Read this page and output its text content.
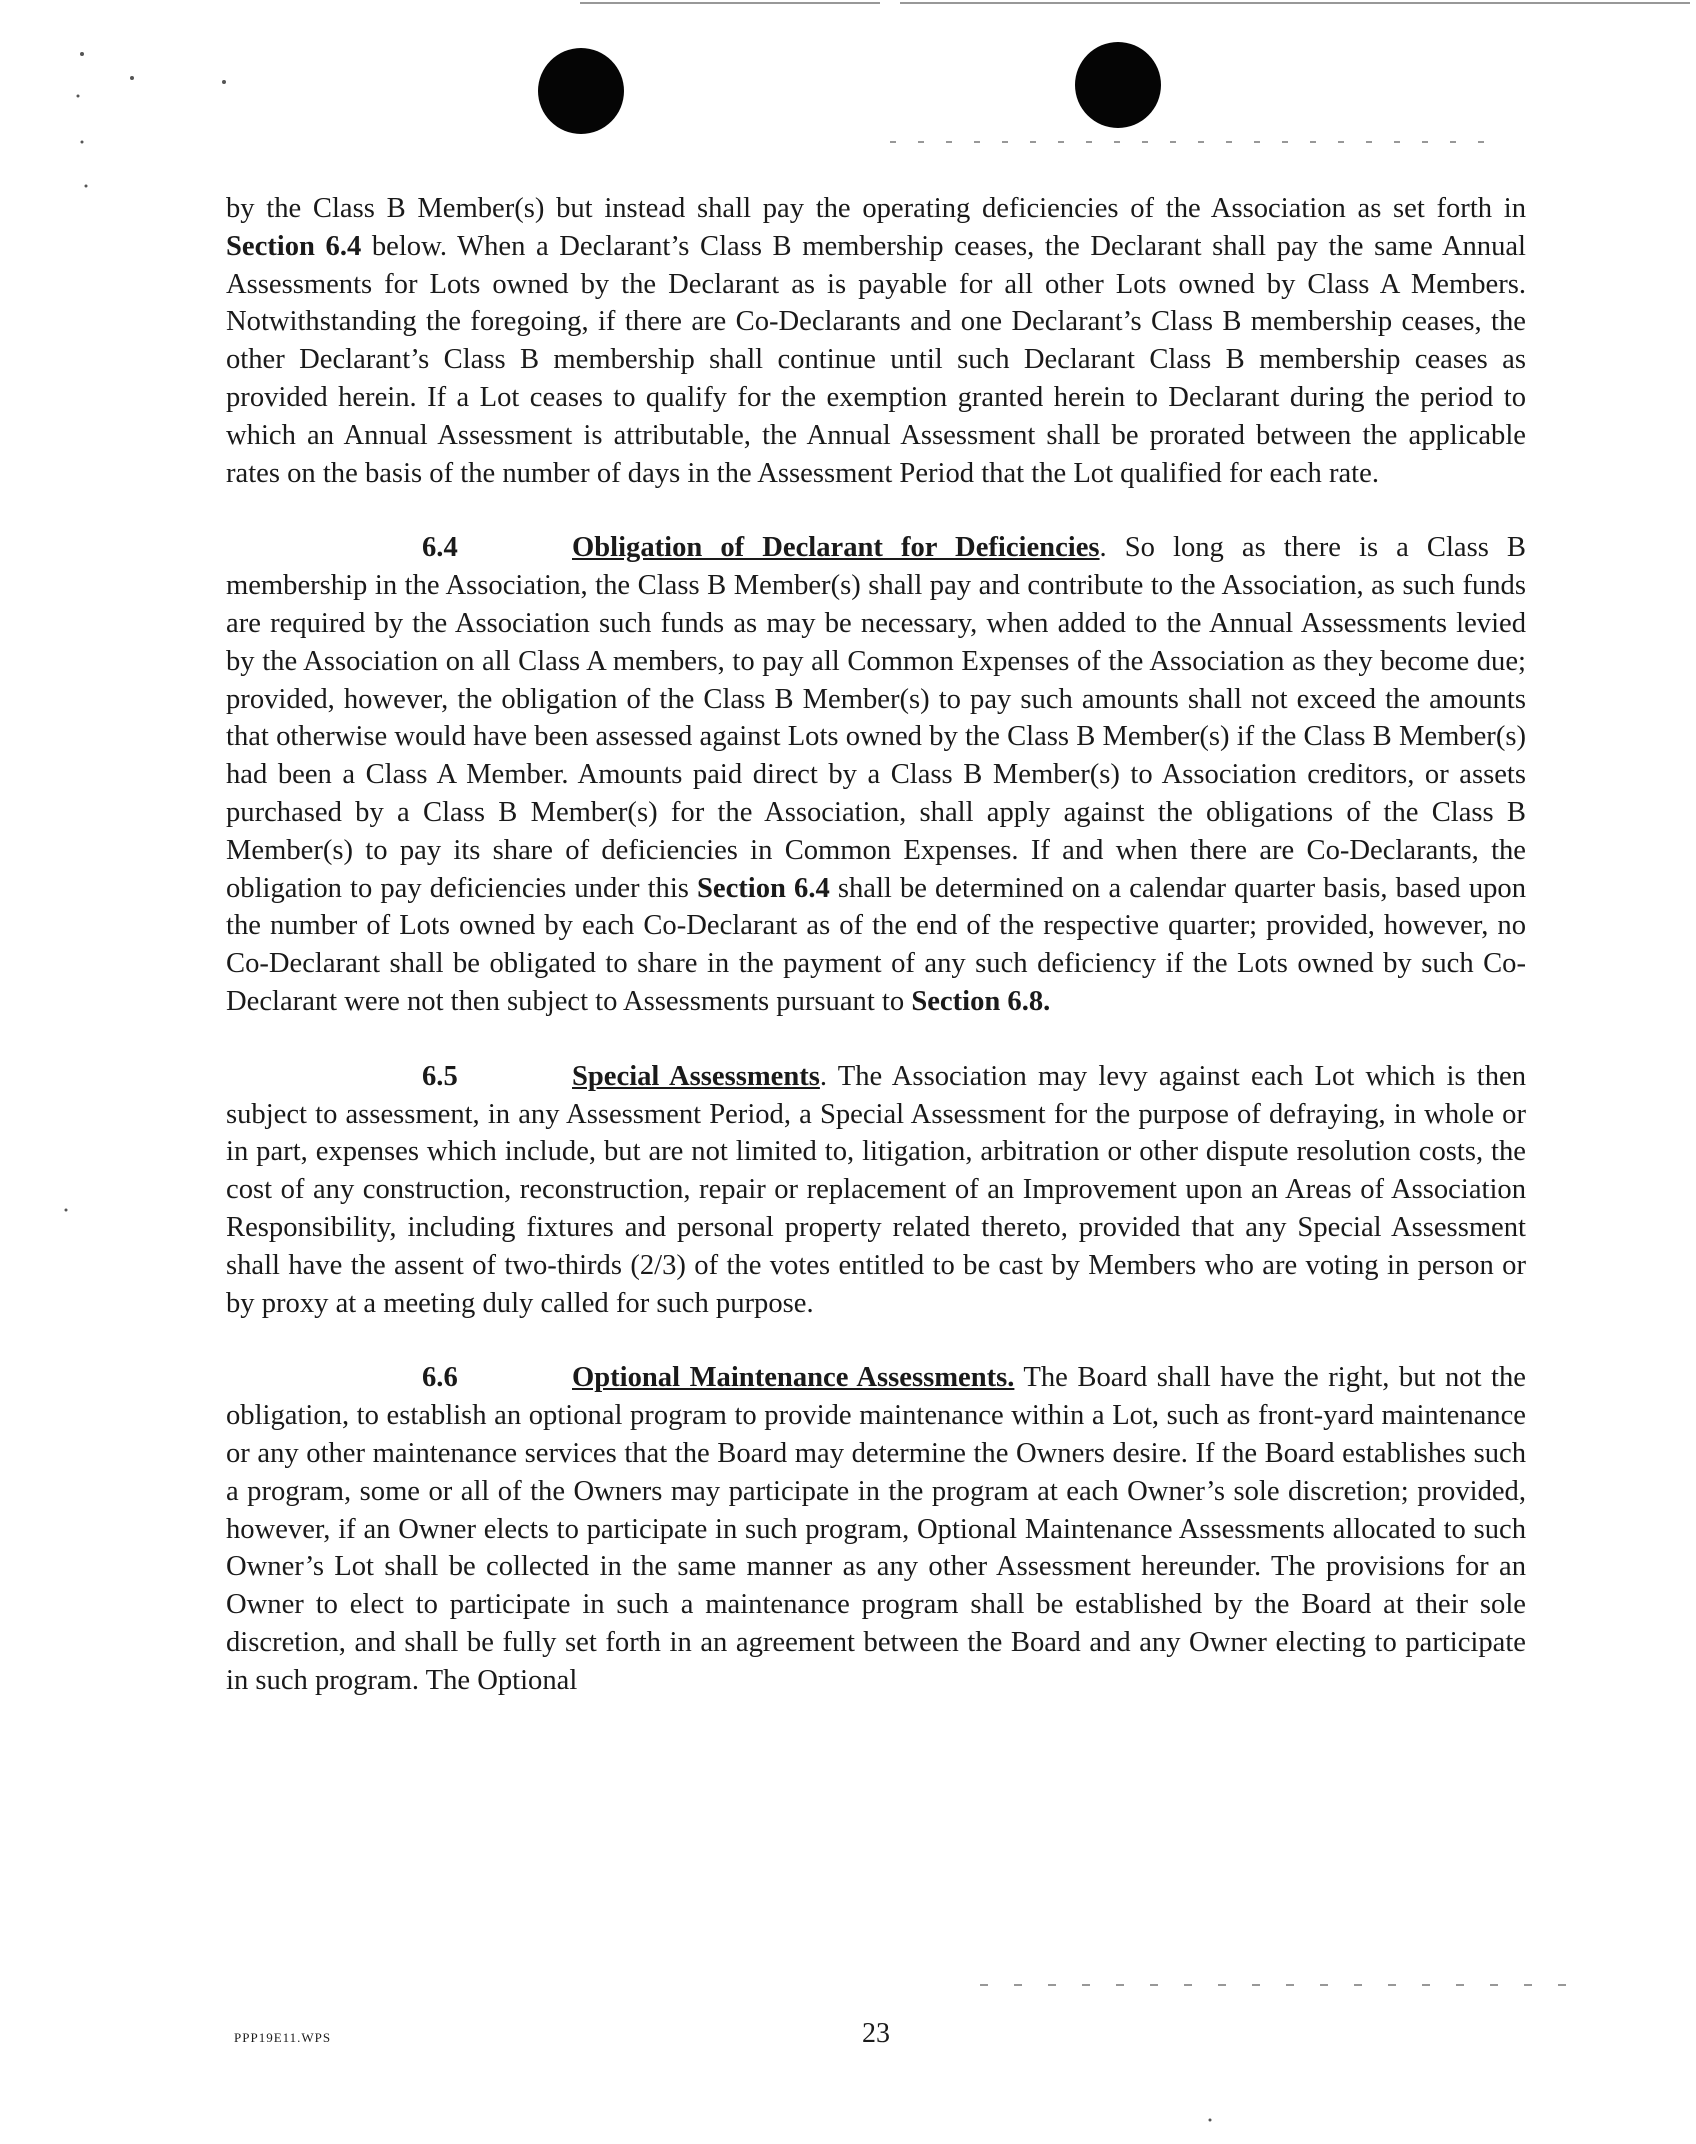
by the Class B Member(s) but instead shall pay the operating deficiencies of the Association as set forth in Section 6.4 below. When a Declarant’s Class B membership ceases, the Declarant shall pay the same Annual Assessments for Lots owned by the Declarant as is payable for all other Lots owned by Class A Members. Notwithstanding the foregoing, if there are Co-Declarants and one Declarant’s Class B membership ceases, the other Declarant’s Class B membership shall continue until such Declarant Class B membership ceases as provided herein. If a Lot ceases to qualify for the exemption granted herein to Declarant during the period to which an Annual Assessment is attributable, the Annual Assessment shall be prorated between the applicable rates on the basis of the number of days in the Assessment Period that the Lot qualified for each rate.

6.4	Obligation of Declarant for Deficiencies. So long as there is a Class B membership in the Association, the Class B Member(s) shall pay and contribute to the Association, as such funds are required by the Association such funds as may be necessary, when added to the Annual Assessments levied by the Association on all Class A members, to pay all Common Expenses of the Association as they become due; provided, however, the obligation of the Class B Member(s) to pay such amounts shall not exceed the amounts that otherwise would have been assessed against Lots owned by the Class B Member(s) if the Class B Member(s) had been a Class A Member. Amounts paid direct by a Class B Member(s) to Association creditors, or assets purchased by a Class B Member(s) for the Association, shall apply against the obligations of the Class B Member(s) to pay its share of deficiencies in Common Expenses. If and when there are Co-Declarants, the obligation to pay deficiencies under this Section 6.4 shall be determined on a calendar quarter basis, based upon the number of Lots owned by each Co-Declarant as of the end of the respective quarter; provided, however, no Co-Declarant shall be obligated to share in the payment of any such deficiency if the Lots owned by such Co-Declarant were not then subject to Assessments pursuant to Section 6.8.

6.5	Special Assessments. The Association may levy against each Lot which is then subject to assessment, in any Assessment Period, a Special Assessment for the purpose of defraying, in whole or in part, expenses which include, but are not limited to, litigation, arbitration or other dispute resolution costs, the cost of any construction, reconstruction, repair or replacement of an Improvement upon an Areas of Association Responsibility, including fixtures and personal property related thereto, provided that any Special Assessment shall have the assent of two-thirds (2/3) of the votes entitled to be cast by Members who are voting in person or by proxy at a meeting duly called for such purpose.

6.6	Optional Maintenance Assessments. The Board shall have the right, but not the obligation, to establish an optional program to provide maintenance within a Lot, such as front-yard maintenance or any other maintenance services that the Board may determine the Owners desire. If the Board establishes such a program, some or all of the Owners may participate in the program at each Owner’s sole discretion; provided, however, if an Owner elects to participate in such program, Optional Maintenance Assessments allocated to such Owner’s Lot shall be collected in the same manner as any other Assessment hereunder. The provisions for an Owner to elect to participate in such a maintenance program shall be established by the Board at their sole discretion, and shall be fully set forth in an agreement between the Board and any Owner electing to participate in such program. The Optional

PPP19E11.WPS	23
